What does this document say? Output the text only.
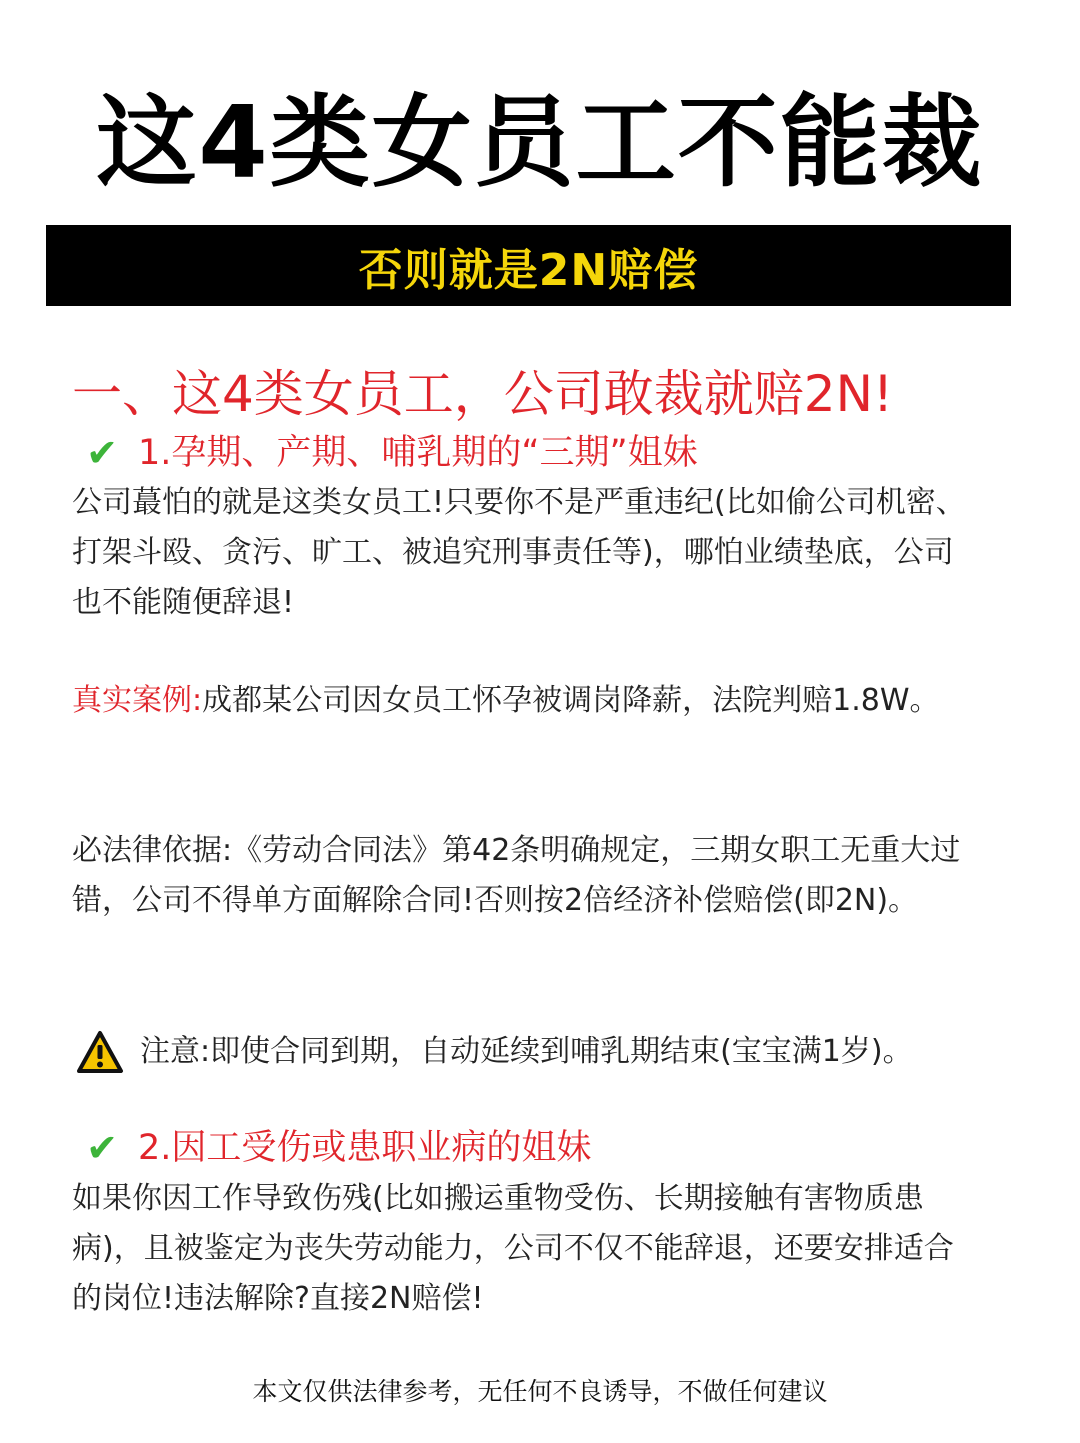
这4类女员工不能裁
否则就是2N赔偿
一、这4类女员工，公司敢裁就赔2N!
✔ 1.孕期、产期、哺乳期的“三期”姐妹

公司蕞怕的就是这类女员工!只要你不是严重违纪(比如偷公司机密、打架斗殴、贪污、旷工、被追究刑事责任等)，哪怕业绩垫底，公司也不能随便辞退!

真实案例:成都某公司因女员工怀孕被调岗降薪，法院判赔1.8W。

必法律依据:《劳动合同法》第42条明确规定，三期女职工无重大过错，公司不得单方面解除合同!否则按2倍经济补偿赔偿(即2N)。

注意:即使合同到期，自动延续到哺乳期结束(宝宝满1岁)。
✔ 2.因工受伤或患职业病的姐妹

如果你因工作导致伤残(比如搬运重物受伤、长期接触有害物质患病)，且被鉴定为丧失劳动能力，公司不仅不能辞退，还要安排适合的岗位!违法解除?直接2N赔偿!

本文仅供法律参考，无任何不良诱导，不做任何建议
